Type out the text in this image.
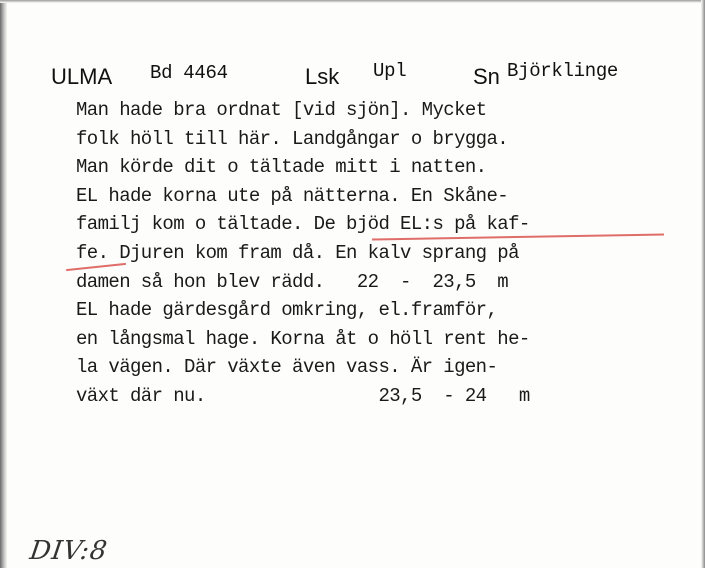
ULMA Bd 4464	Lsk Upl	Sn Björklinge
Man hade bra ordnat [vid sjön]. Mycket
folk höll till här. Landgångar o brygga.
Man körde dit o tältade mitt i natten.
EL hade korna ute på nätterna. En Skåne-
familj kom o tältade. De bjöd EL:s på kaf-
fe. Djuren kom fram då. En kalv sprang på
damen så hon blev rädd.   22  -  23,5  m
EL hade gärdesgård omkring, el.framför,
en långsmal hage. Korna åt o höll rent he-
la vägen. Där växte även vass. Är igen-
växt där nu.                23,5  - 24   m
DIV:8
